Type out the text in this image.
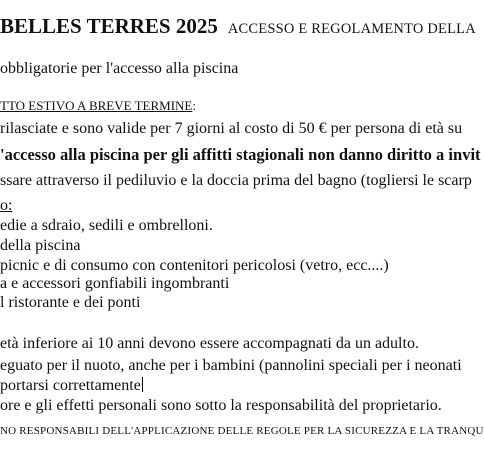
BELLES TERRES 2025 ACCESSO E REGOLAMENTO DELLA
obbligatorie per l'accesso alla piscina
TTO ESTIVO A BREVE TERMINE:
rilasciate e sono valide per 7 giorni al costo di 50 € per persona di età su
'accesso alla piscina per gli affitti stagionali non danno diritto a invit
ssare attraverso il pediluvio e la doccia prima del bagno (togliersi le scarp
o:
edie a sdraio, sedili e ombrelloni.
della piscina
picnic e di consumo con contenitori pericolosi (vetro, ecc....)
a e accessori gonfiabili ingombranti
l ristorante e dei ponti
età inferiore ai 10 anni devono essere accompagnati da un adulto.
eguato per il nuoto, anche per i bambini (pannolini speciali per i neonati
portarsi correttamente
ore e gli effetti personali sono sotto la responsabilità del proprietario.
NO RESPONSABILI DELL'APPLICAZIONE DELLE REGOLE PER LA SICUREZZA E LA TRANQU
